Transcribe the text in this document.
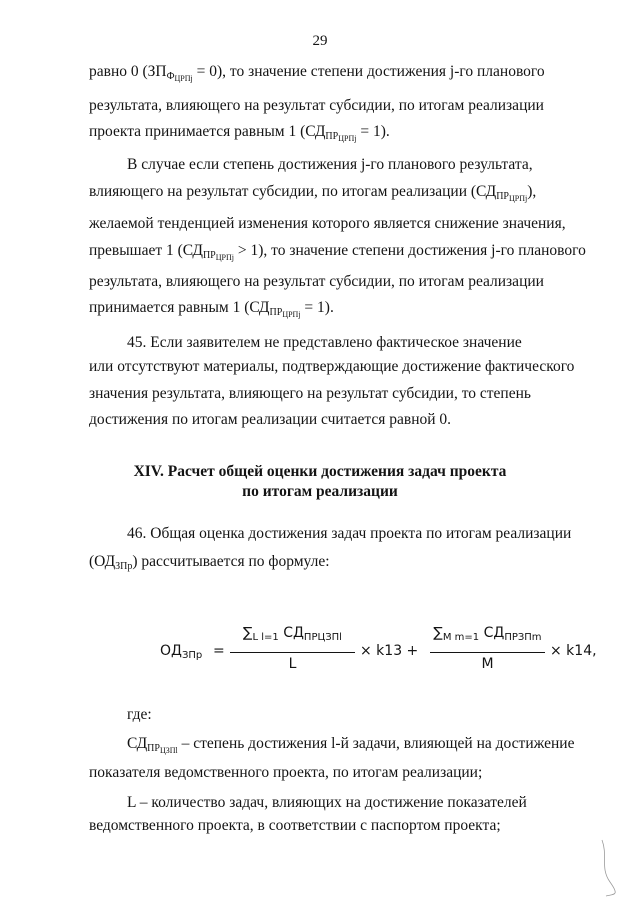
29
равно 0 $(ЗП_{Ф_{ЦРПj}} = 0)$, то значение степени достижения j-го планового
результата, влияющего на результат субсидии, по итогам реализации
проекта принимается равным 1 $(СД_{ПР_{ЦРПj}} = 1)$.
В случае если степень достижения j-го планового результата,
влияющего на результат субсидии, по итогам реализации $(СД_{ПР_{ЦРПj}})$,
желаемой тенденцией изменения которого является снижение значения,
превышает 1 $(СД_{ПР_{ЦРПj}} > 1)$, то значение степени достижения j-го планового
результата, влияющего на результат субсидии, по итогам реализации
принимается равным 1 $(СД_{ПР_{ЦРПj}} = 1)$.
45. Если заявителем не представлено фактическое значение
или отсутствуют материалы, подтверждающие достижение фактического
значения результата, влияющего на результат субсидии, то степень
достижения по итогам реализации считается равной 0.
XIV. Расчет общей оценки достижения задач проекта
по итогам реализации
46. Общая оценка достижения задач проекта по итогам реализации
$(ОД_{ЗПр})$ рассчитывается по формуле:
$ОД_{ЗПр}$ =
$\sum_{L l=1}$ $СД_{ПРЦЗПl}$
L
× k13 +
$\sum_{M m=1}$ $СД_{ПРЗПm}$
M
× k14,
где:
$СД_{ПР_{ЦЗПl}}$ – степень достижения l-й задачи, влияющей на достижение
показателя ведомственного проекта, по итогам реализации;
L – количество задач, влияющих на достижение показателей
ведомственного проекта, в соответствии с паспортом проекта;
